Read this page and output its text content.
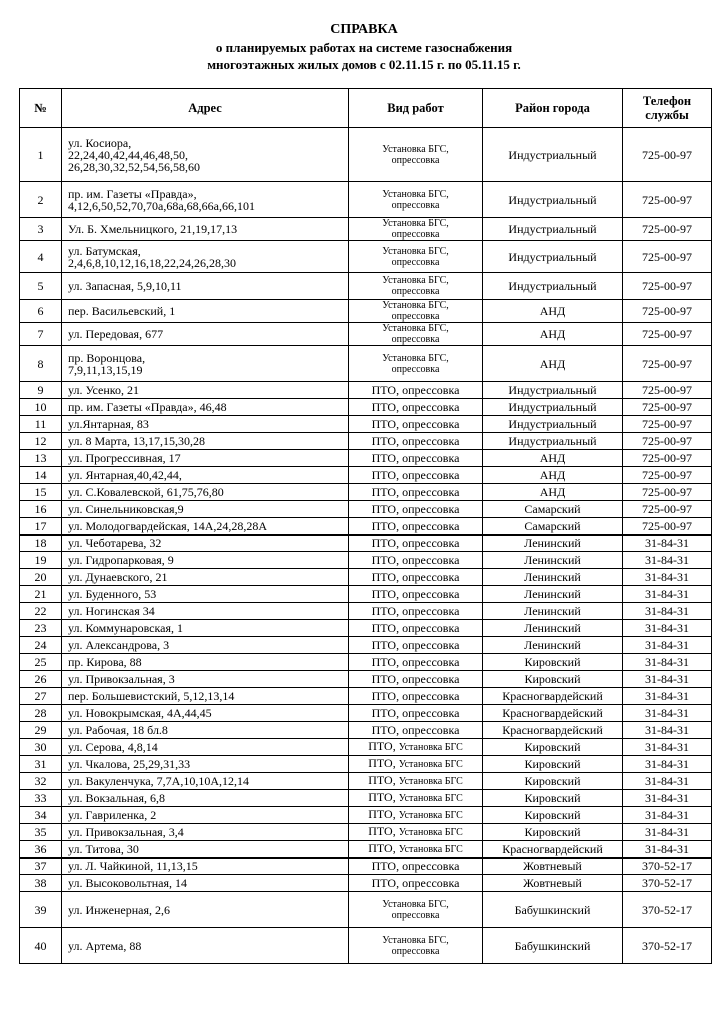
СПРАВКА
о планируемых работах на системе газоснабжения
многоэтажных жилых домов с 02.11.15 г. по 05.11.15 г.
№	Адрес	Вид работ	Район города	Телефон службы
1	ул. Косиора,
22,24,40,42,44,46,48,50,
26,28,30,32,52,54,56,58,60	Установка БГС,
опрессовка	Индустриальный	725-00-97
2	пр. им. Газеты «Правда»,
4,12,6,50,52,70,70а,68а,68,66а,66,101	Установка БГС,
опрессовка	Индустриальный	725-00-97
3	Ул. Б. Хмельницкого, 21,19,17,13	Установка БГС,
опрессовка	Индустриальный	725-00-97
4	ул. Батумская,
2,4,6,8,10,12,16,18,22,24,26,28,30	Установка БГС,
опрессовка	Индустриальный	725-00-97
5	ул. Запасная, 5,9,10,11	Установка БГС,
опрессовка	Индустриальный	725-00-97
6	пер. Васильевский, 1	Установка БГС,
опрессовка	АНД	725-00-97
7	ул. Передовая, 677	Установка БГС,
опрессовка	АНД	725-00-97
8	пр. Воронцова,
7,9,11,13,15,19	Установка БГС,
опрессовка	АНД	725-00-97
9	ул. Усенко, 21	ПТО, опрессовка	Индустриальный	725-00-97
10	пр. им. Газеты «Правда», 46,48	ПТО, опрессовка	Индустриальный	725-00-97
11	ул.Янтарная, 83	ПТО, опрессовка	Индустриальный	725-00-97
12	ул. 8 Марта, 13,17,15,30,28	ПТО, опрессовка	Индустриальный	725-00-97
13	ул. Прогрессивная, 17	ПТО, опрессовка	АНД	725-00-97
14	ул. Янтарная,40,42,44,	ПТО, опрессовка	АНД	725-00-97
15	ул. С.Ковалевской, 61,75,76,80	ПТО, опрессовка	АНД	725-00-97
16	ул. Синельниковская,9	ПТО, опрессовка	Самарский	725-00-97
17	ул. Молодогвардейская, 14А,24,28,28А	ПТО, опрессовка	Самарский	725-00-97
18	ул. Чеботарева, 32	ПТО, опрессовка	Ленинский	31-84-31
19	ул. Гидропарковая, 9	ПТО, опрессовка	Ленинский	31-84-31
20	ул. Дунаевского, 21	ПТО, опрессовка	Ленинский	31-84-31
21	ул. Буденного, 53	ПТО, опрессовка	Ленинский	31-84-31
22	ул. Ногинская 34	ПТО, опрессовка	Ленинский	31-84-31
23	ул. Коммунаровская, 1	ПТО, опрессовка	Ленинский	31-84-31
24	ул. Александрова, 3	ПТО, опрессовка	Ленинский	31-84-31
25	пр. Кирова, 88	ПТО, опрессовка	Кировский	31-84-31
26	ул. Привокзальная, 3	ПТО, опрессовка	Кировский	31-84-31
27	пер. Большевистский, 5,12,13,14	ПТО, опрессовка	Красногвардейский	31-84-31
28	ул. Новокрымская, 4А,44,45	ПТО, опрессовка	Красногвардейский	31-84-31
29	ул. Рабочая, 18 бл.8	ПТО, опрессовка	Красногвардейский	31-84-31
30	ул. Серова, 4,8,14	ПТО, Установка БГС	Кировский	31-84-31
31	ул. Чкалова, 25,29,31,33	ПТО, Установка БГС	Кировский	31-84-31
32	ул. Вакуленчука, 7,7А,10,10А,12,14	ПТО, Установка БГС	Кировский	31-84-31
33	ул. Вокзальная, 6,8	ПТО, Установка БГС	Кировский	31-84-31
34	ул. Гавриленка, 2	ПТО, Установка БГС	Кировский	31-84-31
35	ул. Привокзальная, 3,4	ПТО, Установка БГС	Кировский	31-84-31
36	ул. Титова, 30	ПТО, Установка БГС	Красногвардейский	31-84-31
37	ул. Л. Чайкиной, 11,13,15	ПТО, опрессовка	Жовтневый	370-52-17
38	ул. Высоковольтная, 14	ПТО, опрессовка	Жовтневый	370-52-17
39	ул. Инженерная, 2,6	Установка БГС,
опрессовка	Бабушкинский	370-52-17
40	ул. Артема, 88	Установка БГС,
опрессовка	Бабушкинский	370-52-17
